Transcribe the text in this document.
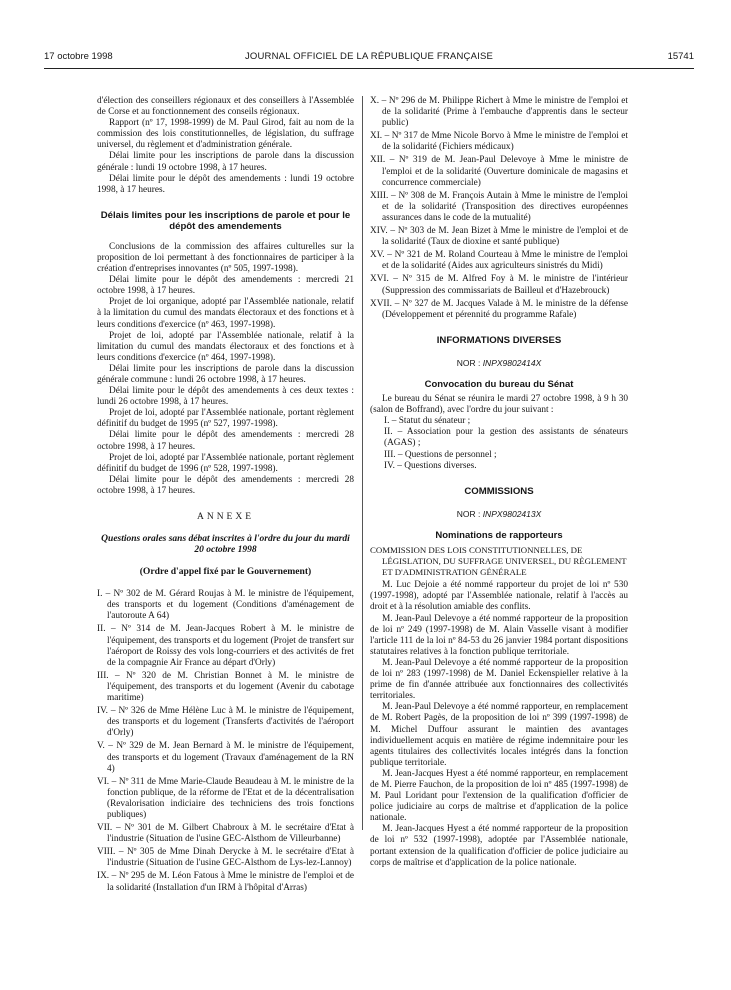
17 octobre 1998	JOURNAL OFFICIEL DE LA RÉPUBLIQUE FRANÇAISE	15741

d'élection des conseillers régionaux et des conseillers à l'Assemblée de Corse et au fonctionnement des conseils régionaux.

Rapport (nº 17, 1998-1999) de M. Paul Girod, fait au nom de la commission des lois constitutionnelles, de législation, du suffrage universel, du règlement et d'administration générale.

Délai limite pour les inscriptions de parole dans la discussion générale : lundi 19 octobre 1998, à 17 heures.

Délai limite pour le dépôt des amendements : lundi 19 octobre 1998, à 17 heures.

Délais limites pour les inscriptions de parole et pour le dépôt des amendements

Conclusions de la commission des affaires culturelles sur la proposition de loi permettant à des fonctionnaires de participer à la création d'entreprises innovantes (nº 505, 1997-1998).

Délai limite pour le dépôt des amendements : mercredi 21 octobre 1998, à 17 heures.

Projet de loi organique, adopté par l'Assemblée nationale, relatif à la limitation du cumul des mandats électoraux et des fonctions et à leurs conditions d'exercice (nº 463, 1997-1998).

Projet de loi, adopté par l'Assemblée nationale, relatif à la limitation du cumul des mandats électoraux et des fonctions et à leurs conditions d'exercice (nº 464, 1997-1998).

Délai limite pour les inscriptions de parole dans la discussion générale commune : lundi 26 octobre 1998, à 17 heures.

Délai limite pour le dépôt des amendements à ces deux textes : lundi 26 octobre 1998, à 17 heures.

Projet de loi, adopté par l'Assemblée nationale, portant règlement définitif du budget de 1995 (nº 527, 1997-1998).

Délai limite pour le dépôt des amendements : mercredi 28 octobre 1998, à 17 heures.

Projet de loi, adopté par l'Assemblée nationale, portant règlement définitif du budget de 1996 (nº 528, 1997-1998).

Délai limite pour le dépôt des amendements : mercredi 28 octobre 1998, à 17 heures.

ANNEXE
Questions orales sans débat inscrites à l'ordre du jour du mardi 20 octobre 1998
(Ordre d'appel fixé par le Gouvernement)

I. – Nº 302 de M. Gérard Roujas à M. le ministre de l'équipement, des transports et du logement (Conditions d'aménagement de l'autoroute A 64)

II. – Nº 314 de M. Jean-Jacques Robert à M. le ministre de l'équipement, des transports et du logement (Projet de transfert sur l'aéroport de Roissy des vols long-courriers et des activités de fret de la compagnie Air France au départ d'Orly)

III. – Nº 320 de M. Christian Bonnet à M. le ministre de l'équipement, des transports et du logement (Avenir du cabotage maritime)

IV. – Nº 326 de Mme Hélène Luc à M. le ministre de l'équipement, des transports et du logement (Transferts d'activités de l'aéroport d'Orly)

V. – Nº 329 de M. Jean Bernard à M. le ministre de l'équipement, des transports et du logement (Travaux d'aménagement de la RN 4)

VI. – Nº 311 de Mme Marie-Claude Beaudeau à M. le ministre de la fonction publique, de la réforme de l'Etat et de la décentralisation (Revalorisation indiciaire des techniciens des trois fonctions publiques)

VII. – Nº 301 de M. Gilbert Chabroux à M. le secrétaire d'Etat à l'industrie (Situation de l'usine GEC-Alsthom de Villeurbanne)

VIII. – Nº 305 de Mme Dinah Derycke à M. le secrétaire d'Etat à l'industrie (Situation de l'usine GEC-Alsthom de Lys-lez-Lannoy)

IX. – Nº 295 de M. Léon Fatous à Mme le ministre de l'emploi et de la solidarité (Installation d'un IRM à l'hôpital d'Arras)

X. – Nº 296 de M. Philippe Richert à Mme le ministre de l'emploi et de la solidarité (Prime à l'embauche d'apprentis dans le secteur public)

XI. – Nº 317 de Mme Nicole Borvo à Mme le ministre de l'emploi et de la solidarité (Fichiers médicaux)

XII. – Nº 319 de M. Jean-Paul Delevoye à Mme le ministre de l'emploi et de la solidarité (Ouverture dominicale de magasins et concurrence commerciale)

XIII. – Nº 308 de M. François Autain à Mme le ministre de l'emploi et de la solidarité (Transposition des directives européennes assurances dans le code de la mutualité)

XIV. – Nº 303 de M. Jean Bizet à Mme le ministre de l'emploi et de la solidarité (Taux de dioxine et santé publique)

XV. – Nº 321 de M. Roland Courteau à Mme le ministre de l'emploi et de la solidarité (Aides aux agriculteurs sinistrés du Midi)

XVI. – Nº 315 de M. Alfred Foy à M. le ministre de l'intérieur (Suppression des commissariats de Bailleul et d'Hazebrouck)

XVII. – Nº 327 de M. Jacques Valade à M. le ministre de la défense (Développement et pérennité du programme Rafale)

INFORMATIONS DIVERSES
NOR : INPX9802414X
Convocation du bureau du Sénat

Le bureau du Sénat se réunira le mardi 27 octobre 1998, à 9 h 30 (salon de Boffrand), avec l'ordre du jour suivant :

I. – Statut du sénateur ;

II. – Association pour la gestion des assistants de sénateurs (AGAS) ;

III. – Questions de personnel ;

IV. – Questions diverses.

COMMISSIONS
NOR : INPX9802413X
Nominations de rapporteurs

COMMISSION DES LOIS CONSTITUTIONNELLES, DE LÉGISLATION, DU SUFFRAGE UNIVERSEL, DU RÈGLEMENT ET D'ADMINISTRATION GÉNÉRALE

M. Luc Dejoie a été nommé rapporteur du projet de loi nº 530 (1997-1998), adopté par l'Assemblée nationale, relatif à l'accès au droit et à la résolution amiable des conflits.

M. Jean-Paul Delevoye a été nommé rapporteur de la proposition de loi nº 249 (1997-1998) de M. Alain Vasselle visant à modifier l'article 111 de la loi nº 84-53 du 26 janvier 1984 portant dispositions statutaires relatives à la fonction publique territoriale.

M. Jean-Paul Delevoye a été nommé rapporteur de la proposition de loi nº 283 (1997-1998) de M. Daniel Eckenspieller relative à la prime de fin d'année attribuée aux fonctionnaires des collectivités territoriales.

M. Jean-Paul Delevoye a été nommé rapporteur, en remplacement de M. Robert Pagès, de la proposition de loi nº 399 (1997-1998) de M. Michel Duffour assurant le maintien des avantages individuellement acquis en matière de régime indemnitaire pour les agents titulaires des collectivités locales intégrés dans la fonction publique territoriale.

M. Jean-Jacques Hyest a été nommé rapporteur, en remplacement de M. Pierre Fauchon, de la proposition de loi nº 485 (1997-1998) de M. Paul Loridant pour l'extension de la qualification d'officier de police judiciaire au corps de maîtrise et d'application de la police nationale.

M. Jean-Jacques Hyest a été nommé rapporteur de la proposition de loi nº 532 (1997-1998), adoptée par l'Assemblée nationale, portant extension de la qualification d'officier de police judiciaire au corps de maîtrise et d'application de la police nationale.
